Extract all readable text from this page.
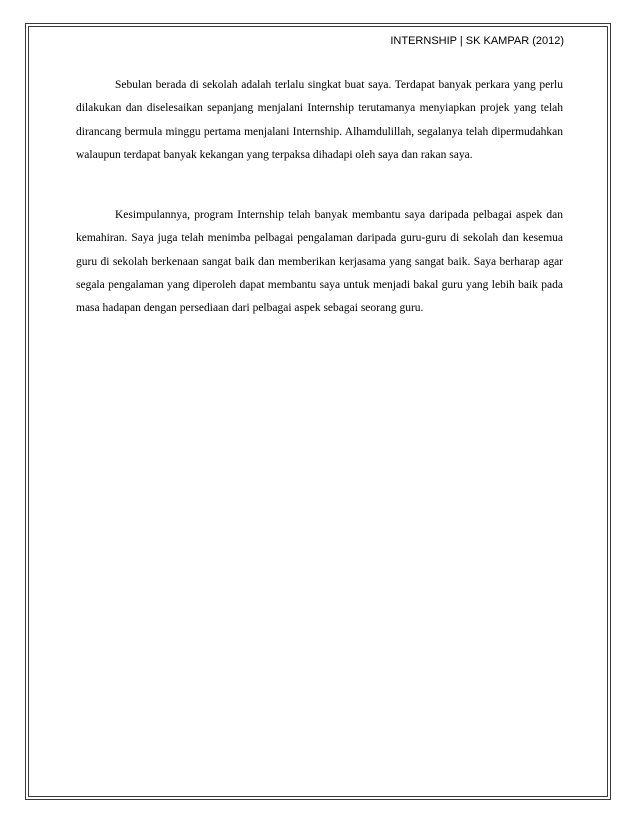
INTERNSHIP | SK KAMPAR (2012)

Sebulan berada di sekolah adalah terlalu singkat buat saya. Terdapat banyak perkara yang perlu dilakukan dan diselesaikan sepanjang menjalani Internship terutamanya menyiapkan projek yang telah dirancang bermula minggu pertama menjalani Internship. Alhamdulillah, segalanya telah dipermudahkan walaupun terdapat banyak kekangan yang terpaksa dihadapi oleh saya dan rakan saya.

Kesimpulannya, program Internship telah banyak membantu saya daripada pelbagai aspek dan kemahiran. Saya juga telah menimba pelbagai pengalaman daripada guru-guru di sekolah dan kesemua guru di sekolah berkenaan sangat baik dan memberikan kerjasama yang sangat baik. Saya berharap agar segala pengalaman yang diperoleh dapat membantu saya untuk menjadi bakal guru yang lebih baik pada masa hadapan dengan persediaan dari pelbagai aspek sebagai seorang guru.
